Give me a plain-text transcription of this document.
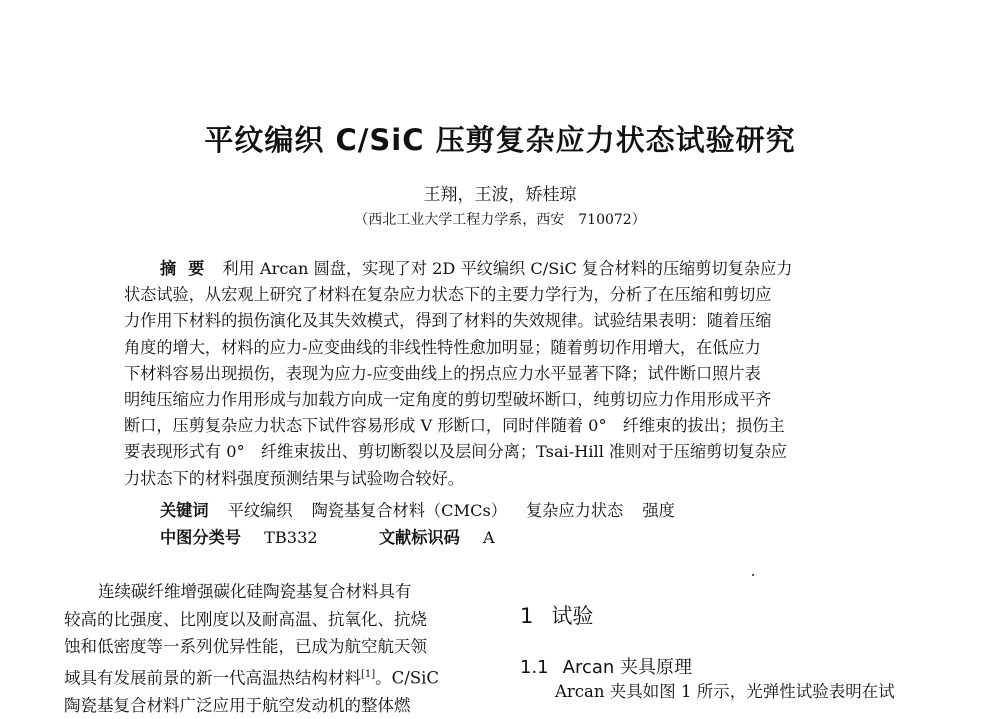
平纹编织 C/SiC 压剪复杂应力状态试验研究
王翔，王波，矫桂琼
（西北工业大学工程力学系，西安　710072）
摘要 利用 Arcan 圆盘，实现了对 2D 平纹编织 C/SiC 复合材料的压缩剪切复杂应力
状态试验，从宏观上研究了材料在复杂应力状态下的主要力学行为，分析了在压缩和剪切应
力作用下材料的损伤演化及其失效模式，得到了材料的失效规律。试验结果表明：随着压缩
角度的增大，材料的应力-应变曲线的非线性特性愈加明显；随着剪切作用增大，在低应力
下材料容易出现损伤，表现为应力-应变曲线上的拐点应力水平显著下降；试件断口照片表
明纯压缩应力作用形成与加载方向成一定角度的剪切型破坏断口，纯剪切应力作用形成平齐
断口，压剪复杂应力状态下试件容易形成 V 形断口，同时伴随着 0°　纤维束的拔出；损伤主
要表现形式有 0°　纤维束拔出、剪切断裂以及层间分离；Tsai-Hill 准则对于压缩剪切复杂应
力状态下的材料强度预测结果与试验吻合较好。
关键词 平纹编织 陶瓷基复合材料（CMCs） 复杂应力状态 强度
中图分类号 TB332	文献标识码 A
连续碳纤维增强碳化硅陶瓷基复合材料具有
较高的比强度、比刚度以及耐高温、抗氧化、抗烧
蚀和低密度等一系列优异性能，已成为航空航天领
域具有发展前景的新一代高温热结构材料[1]。C/SiC
陶瓷基复合材料广泛应用于航空发动机的整体燃
1 试验
1.1 Arcan 夹具原理
Arcan 夹具如图 1 所示，光弹性试验表明在试
